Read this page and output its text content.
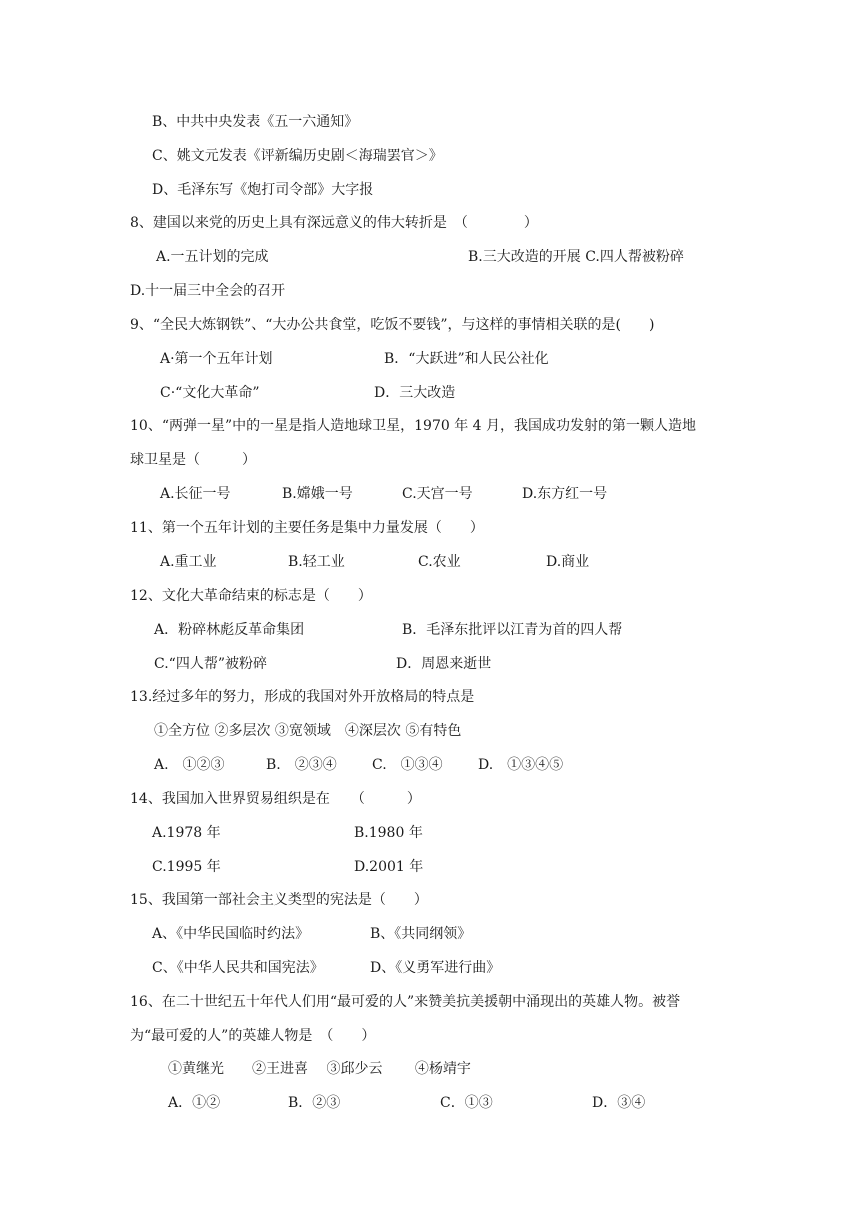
B、中共中央发表《五一六通知》
C、姚文元发表《评新编历史剧＜海瑞罢官＞》
D、毛泽东写《炮打司令部》大字报
8、建国以来党的历史上具有深远意义的伟大转折是　（　　　　）
A.一五计划的完成	B.三大改造的开展 C.四人帮被粉碎
D.十一届三中全会的召开
9、“全民大炼钢铁”、“大办公共食堂，吃饭不要钱”，与这样的事情相关联的是(　　)
A·第一个五年计划	B．“大跃进”和人民公社化
C·“文化大革命”	D．三大改造
10、“两弹一星”中的一星是指人造地球卫星，1970 年 4 月，我国成功发射的第一颗人造地
球卫星是（　　　）
A.长征一号	B.嫦娥一号	C.天宫一号	D.东方红一号
11、第一个五年计划的主要任务是集中力量发展（　　）
A.重工业	B.轻工业	C.农业	D.商业
12、文化大革命结束的标志是（　　）
A．粉碎林彪反革命集团	B．毛泽东批评以江青为首的四人帮
C.“四人帮”被粉碎	D．周恩来逝世
13.经过多年的努力，形成的我国对外开放格局的特点是
①全方位 ②多层次 ③宽领域　④深层次 ⑤有特色
A.　①②③	B.　②③④	C.　①③④	D.　①③④⑤
14、我国加入世界贸易组织是在　　（　　　）
A.1978 年	B.1980 年
C.1995 年	D.2001 年
15、我国第一部社会主义类型的宪法是（　　）
A、《中华民国临时约法》	B、《共同纲领》
C、《中华人民共和国宪法》	D、《义勇军进行曲》
16、在二十世纪五十年代人们用“最可爱的人”来赞美抗美援朝中涌现出的英雄人物。被誉
为“最可爱的人”的英雄人物是　（　　）
①黄继光　　②王进喜　 ③邱少云　　 ④杨靖宇
A．①②	B．②③	C．①③	D．③④
